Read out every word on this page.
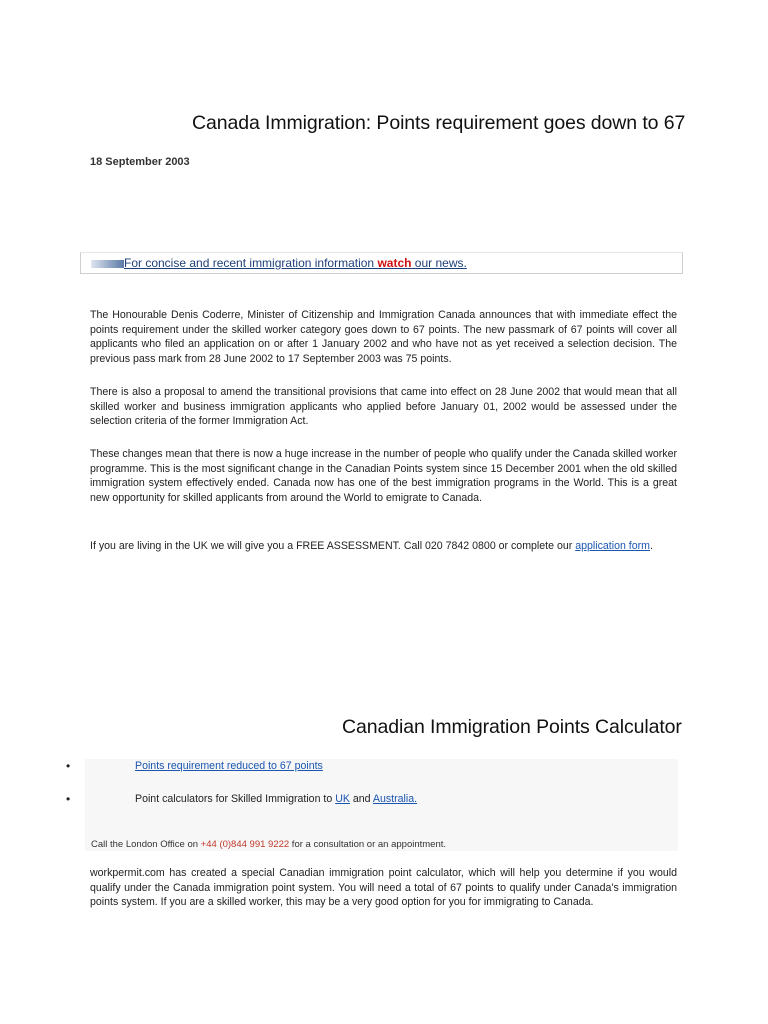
Canada Immigration: Points requirement goes down to 67
18 September 2003
For concise and recent immigration information watch our news.
The Honourable Denis Coderre, Minister of Citizenship and Immigration Canada announces that with immediate effect the points requirement under the skilled worker category goes down to 67 points. The new passmark of 67 points will cover all applicants who filed an application on or after 1 January 2002 and who have not as yet received a selection decision. The previous pass mark from 28 June 2002 to 17 September 2003 was 75 points.
There is also a proposal to amend the transitional provisions that came into effect on 28 June 2002 that would mean that all skilled worker and business immigration applicants who applied before January 01, 2002 would be assessed under the selection criteria of the former Immigration Act.
These changes mean that there is now a huge increase in the number of people who qualify under the Canada skilled worker programme. This is the most significant change in the Canadian Points system since 15 December 2001 when the old skilled immigration system effectively ended. Canada now has one of the best immigration programs in the World. This is a great new opportunity for skilled applicants from around the World to emigrate to Canada.
If you are living in the UK we will give you a FREE ASSESSMENT. Call 020 7842 0800 or complete our application form.
Canadian Immigration Points Calculator
•	Points requirement reduced to 67 points
•	Point calculators for Skilled Immigration to UK and Australia.
Call the London Office on +44 (0)844 991 9222 for a consultation or an appointment.
workpermit.com has created a special Canadian immigration point calculator, which will help you determine if you would qualify under the Canada immigration point system. You will need a total of 67 points to qualify under Canada's immigration points system. If you are a skilled worker, this may be a very good option for you for immigrating to Canada.
